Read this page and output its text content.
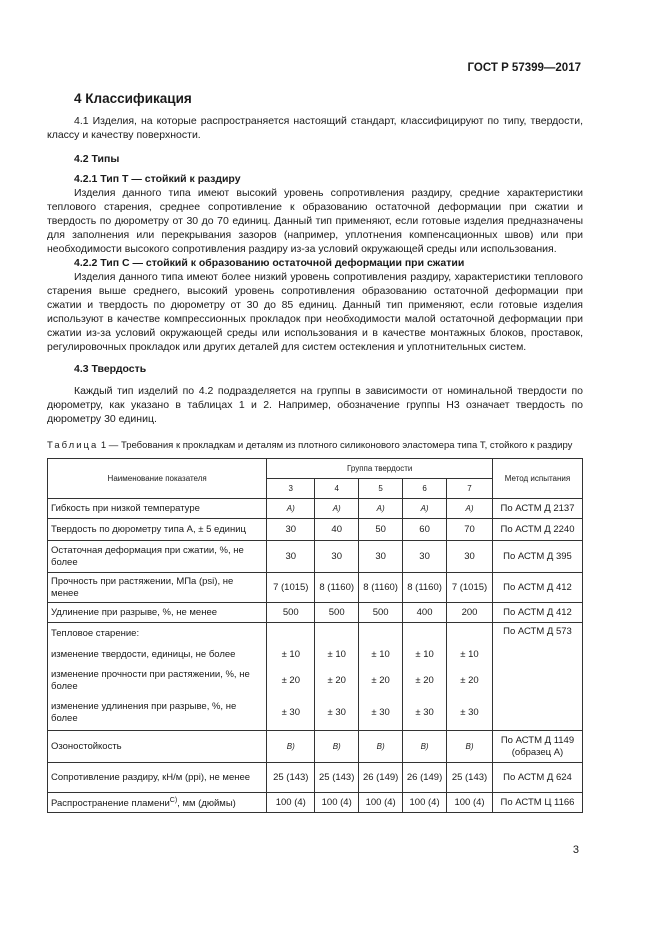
ГОСТ Р 57399—2017
4 Классификация

4.1 Изделия, на которые распространяется настоящий стандарт, классифицируют по типу, твердости, классу и качеству поверхности.

4.2 Типы
4.2.1 Тип Т — стойкий к раздиру

Изделия данного типа имеют высокий уровень сопротивления раздиру, средние характеристики теплового старения, среднее сопротивление к образованию остаточной деформации при сжатии и твердость по дюрометру от 30 до 70 единиц. Данный тип применяют, если готовые изделия предназначены для заполнения или перекрывания зазоров (например, уплотнения компенсационных швов) или при необходимости высокого сопротивления раздиру из-за условий окружающей среды или использования.

4.2.2 Тип С — стойкий к образованию остаточной деформации при сжатии

Изделия данного типа имеют более низкий уровень сопротивления раздиру, характеристики теплового старения выше среднего, высокий уровень сопротивления образованию остаточной деформации при сжатии и твердость по дюрометру от 30 до 85 единиц. Данный тип применяют, если готовые изделия используют в качестве компрессионных прокладок при необходимости малой остаточной деформации при сжатии из-за условий окружающей среды или использования и в качестве монтажных блоков, проставок, регулировочных прокладок или других деталей для систем остекления и уплотнительных систем.

4.3 Твердость

Каждый тип изделий по 4.2 подразделяется на группы в зависимости от номинальной твердости по дюрометру, как указано в таблицах 1 и 2. Например, обозначение группы Н3 означает твердость по дюрометру 30 единиц.

Таблица 1 — Требования к прокладкам и деталям из плотного силиконового эластомера типа Т, стойкого к раздиру
Наименование показателя	Группа твердости					Метод испытания
	3	4	5	6	7	
Гибкость при низкой температуре	A)	A)	A)	A)	A)	По АСТМ Д 2137
Твердость по дюрометру типа А, ± 5 единиц	30	40	50	60	70	По АСТМ Д 2240
Остаточная деформация при сжатии, %, не более	30	30	30	30	30	По АСТМ Д 395
Прочность при растяжении, МПа (psi), не менее	7 (1015)	8 (1160)	8 (1160)	8 (1160)	7 (1015)	По АСТМ Д 412
Удлинение при разрыве, %, не менее	500	500	500	400	200	По АСТМ Д 412
Тепловое старение:						По АСТМ Д 573
изменение твердости, единицы, не более	± 10	± 10	± 10	± 10	± 10	
изменение прочности при растяжении, %, не более	± 20	± 20	± 20	± 20	± 20	
изменение удлинения при разрыве, %, не более	± 30	± 30	± 30	± 30	± 30	
Озоностойкость	B)	B)	B)	B)	B)	По АСТМ Д 1149 (образец А)
Сопротивление раздиру, кН/м (ppi), не менее	25 (143)	25 (143)	26 (149)	26 (149)	25 (143)	По АСТМ Д 624
Распространение пламени$^{C)}$, мм (дюймы)	100 (4)	100 (4)	100 (4)	100 (4)	100 (4)	По АСТМ Ц 1166
3
